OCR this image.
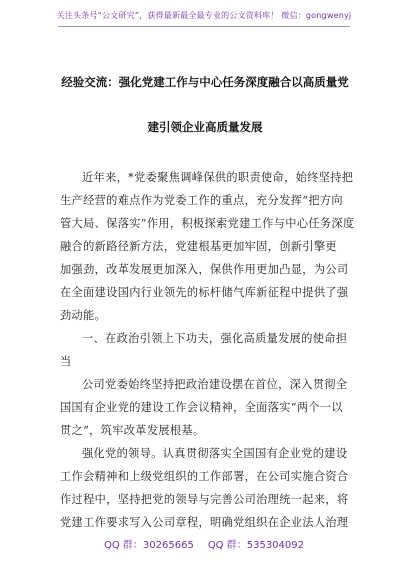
关注头条号“公文研究”，获得最新最全最专业的公文资料库！ 微信：gongwenyj
经验交流：强化党建工作与中心任务深度融合以高质量党
建引领企业高质量发展
近年来，*党委聚焦调峰保供的职责使命，始终坚持把
生产经营的难点作为党委工作的重点，充分发挥“把方向
管大局、保落实”作用，积极探索党建工作与中心任务深度
融合的新路径新方法，党建根基更加牢固，创新引擎更
加强劲，改革发展更加深入，保供作用更加凸显，为公司
在全面建设国内行业领先的标杆储气库新征程中提供了强
劲动能。
一、在政治引领上下功夫，强化高质量发展的使命担
当
公司党委始终坚持把政治建设摆在首位，深入贯彻全
国国有企业党的建设工作会议精神，全面落实“两个一以
贯之”，筑牢改革发展根基。
强化党的领导。认真贯彻落实全国国有企业党的建设
工作会精神和上级党组织的工作部署，在公司实施合资合
作过程中，坚持把党的领导与完善公司治理统一起来，将
党建工作要求写入公司章程，明确党组织在企业法人治理
QQ 群：30265665 QQ 群：535304092
